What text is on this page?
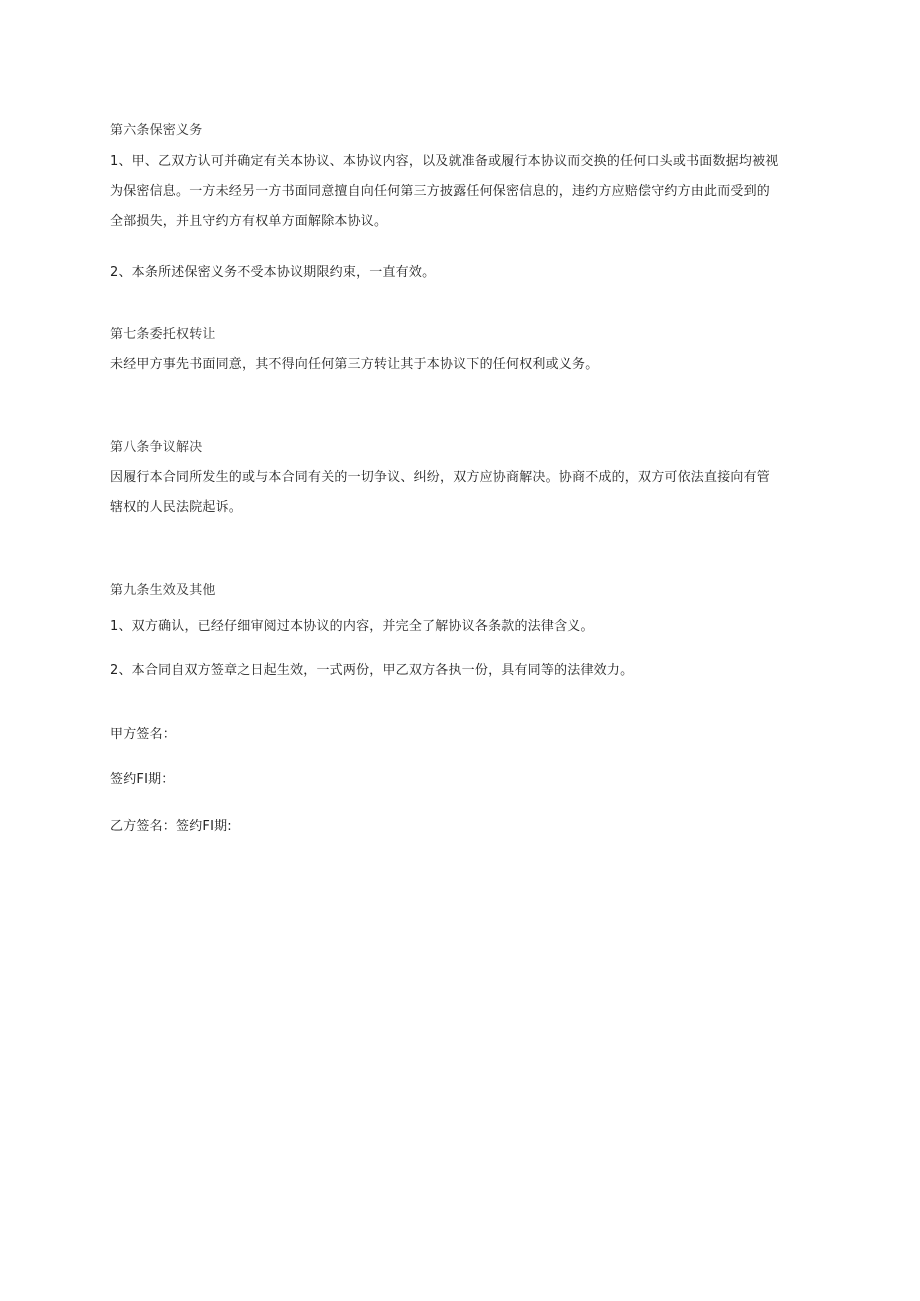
第六条保密义务
1、甲、乙双方认可并确定有关本协议、本协议内容，以及就准备或履行本协议而交换的任何口头或书面数据均被视
为保密信息。一方未经另一方书面同意擅自向任何第三方披露任何保密信息的，违约方应赔偿守约方由此而受到的
全部损失，并且守约方有权单方面解除本协议。
2、本条所述保密义务不受本协议期限约束，一直有效。
第七条委托权转让
未经甲方事先书面同意，其不得向任何第三方转让其于本协议下的任何权利或义务。
第八条争议解决
因履行本合同所发生的或与本合同有关的一切争议、纠纷，双方应协商解决。协商不成的，双方可依法直接向有管
辖权的人民法院起诉。
第九条生效及其他
1、双方确认，已经仔细审阅过本协议的内容，并完全了解协议各条款的法律含义。
2、本合同自双方签章之日起生效，一式两份，甲乙双方各执一份，具有同等的法律效力。
甲方签名：
签约FI期：
乙方签名：签约FI期:
